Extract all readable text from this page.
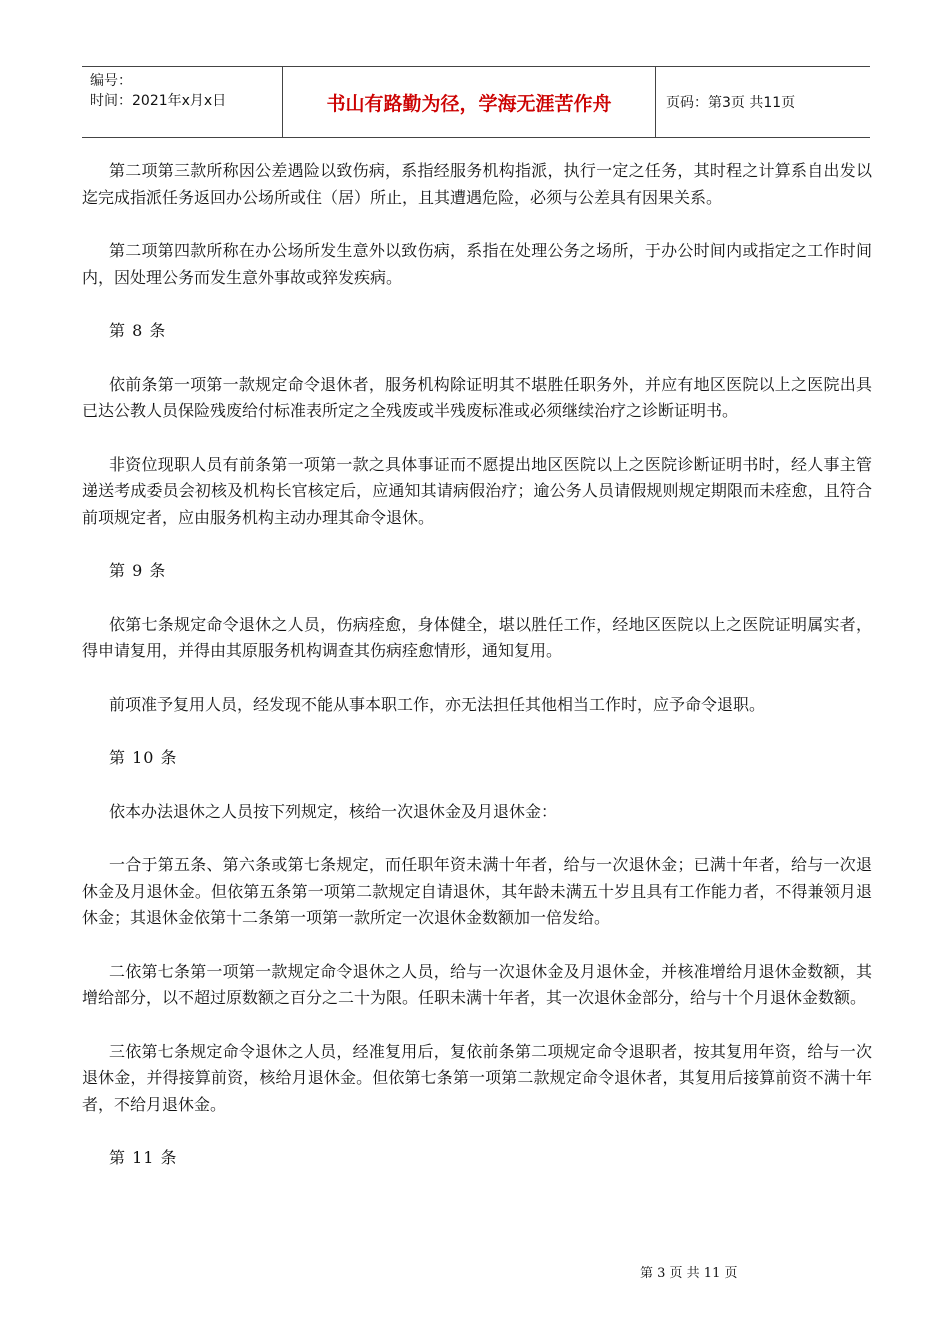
编号：
时间：2021年x月x日	书山有路勤为径，学海无涯苦作舟	页码：第3页 共11页

第二项第三款所称因公差遇险以致伤病，系指经服务机构指派，执行一定之任务，其时程之计算系自出发以迄完成指派任务返回办公场所或住（居）所止，且其遭遇危险，必须与公差具有因果关系。

第二项第四款所称在办公场所发生意外以致伤病，系指在处理公务之场所，于办公时间内或指定之工作时间内，因处理公务而发生意外事故或猝发疾病。

第 8 条

依前条第一项第一款规定命令退休者，服务机构除证明其不堪胜任职务外，并应有地区医院以上之医院出具已达公教人员保险残废给付标准表所定之全残废或半残废标准或必须继续治疗之诊断证明书。

非资位现职人员有前条第一项第一款之具体事证而不愿提出地区医院以上之医院诊断证明书时，经人事主管递送考成委员会初核及机构长官核定后，应通知其请病假治疗；逾公务人员请假规则规定期限而未痊愈，且符合前项规定者，应由服务机构主动办理其命令退休。

第 9 条

依第七条规定命令退休之人员，伤病痊愈，身体健全，堪以胜任工作，经地区医院以上之医院证明属实者，得申请复用，并得由其原服务机构调查其伤病痊愈情形，通知复用。

前项准予复用人员，经发现不能从事本职工作，亦无法担任其他相当工作时，应予命令退职。

第 10 条

依本办法退休之人员按下列规定，核给一次退休金及月退休金：

一合于第五条、第六条或第七条规定，而任职年资未满十年者，给与一次退休金；已满十年者，给与一次退休金及月退休金。但依第五条第一项第二款规定自请退休，其年龄未满五十岁且具有工作能力者，不得兼领月退休金；其退休金依第十二条第一项第一款所定一次退休金数额加一倍发给。

二依第七条第一项第一款规定命令退休之人员，给与一次退休金及月退休金，并核准增给月退休金数额，其增给部分，以不超过原数额之百分之二十为限。任职未满十年者，其一次退休金部分，给与十个月退休金数额。

三依第七条规定命令退休之人员，经准复用后，复依前条第二项规定命令退职者，按其复用年资，给与一次退休金，并得接算前资，核给月退休金。但依第七条第一项第二款规定命令退休者，其复用后接算前资不满十年者，不给月退休金。

第 11 条

第 3 页 共 11 页
